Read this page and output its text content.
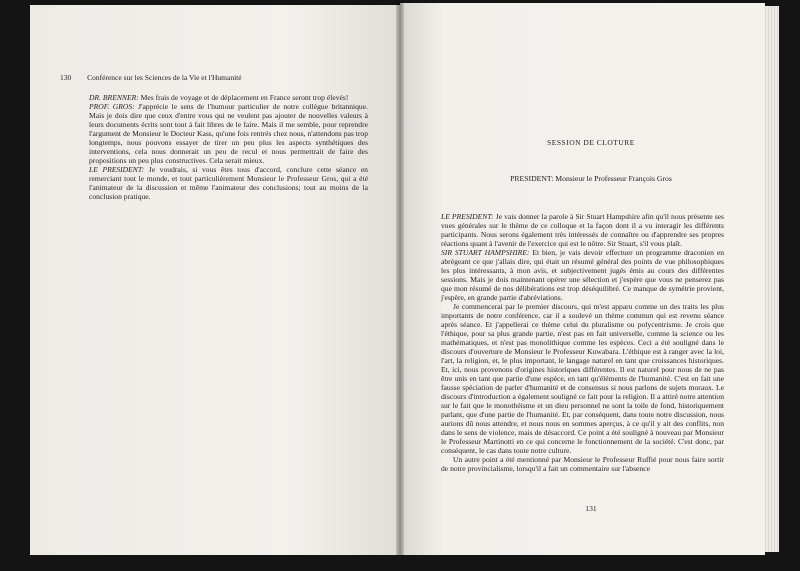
130 Conférence sur les Sciences de la Vie et l'Humanité

DR. BRENNER: Mes frais de voyage et de déplacement en France seront trop élevés!

PROF. GROS: J'apprécie le sens de l'humour particulier de notre collègue britannique. Mais je dois dire que ceux d'entre vous qui ne veulent pas ajouter de nouvelles valeurs à leurs documents écrits sont tout à fait libres de le faire. Mais il me semble, pour reprendre l'argument de Monsieur le Docteur Kass, qu'une fois rentrés chez nous, n'attendons pas trop longtemps, nous pouvons essayer de tirer un peu plus les aspects synthétiques des interventions, cela nous donnerait un peu de recul et nous permettrait de faire des propositions un peu plus constructives. Cela serait mieux.

LE PRESIDENT: Je voudrais, si vous êtes tous d'accord, conclure cette séance en remerciant tout le monde, et tout particulièrement Monsieur le Professeur Gros, qui a été l'animateur de la discussion et même l'animateur des conclusions; tout au moins de la conclusion pratique.

SESSION DE CLOTURE
PRESIDENT: Monsieur le Professeur François Gros

LE PRESIDENT: Je vais donner la parole à Sir Stuart Hampshire afin qu'il nous présente ses vues générales sur le thème de ce colloque et la façon dont il a vu interagir les différents participants. Nous serons également très intéressés de connaître ou d'apprendre ses propres réactions quant à l'avenir de l'exercice qui est le nôtre. Sir Stuart, s'il vous plaît.

SIR STUART HAMPSHIRE: Et bien, je vais devoir effectuer un programme draconien en abrégeant ce que j'allais dire, qui était un résumé général des points de vue philosophiques les plus intéressants, à mon avis, et subjectivement jugés émis au cours des différentes sessions. Mais je dois maintenant opérer une sélection et j'espère que vous ne penserez pas que mon résumé de nos délibérations est trop déséquilibré. Ce manque de symétrie provient, j'espère, en grande partie d'abréviations.

Je commencerai par le premier discours, qui m'est apparu comme un des traits les plus importants de notre conférence, car il a soulevé un thème commun qui est revenu séance après séance. Et j'appellerai ce thème celui du pluralisme ou polycentrisme. Je crois que l'éthique, pour sa plus grande partie, n'est pas en fait universelle, comme la science ou les mathématiques, et n'est pas monolithique comme les espèces. Ceci a été souligné dans le discours d'ouverture de Monsieur le Professeur Kuwabara. L'éthique est à ranger avec la loi, l'art, la religion, et, le plus important, le langage naturel en tant que croissances historiques. Et, ici, nous provenons d'origines historiques différentes. Il est naturel pour nous de ne pas être unis en tant que partie d'une espèce, en tant qu'éléments de l'humanité. C'est en fait une fausse spéciation de parler d'humanité et de consensus si nous parlons de sujets moraux. Le discours d'introduction a également souligné ce fait pour la religion. Il a attiré notre attention sur le fait que le monothéisme et un dieu personnel ne sont la toile de fond, historiquement parlant, que d'une partie de l'humanité. Et, par conséquent, dans toute notre discussion, nous aurions dû nous attendre, et nous nous en sommes aperçus, à ce qu'il y ait des conflits, non dans le sens de violence, mais de désaccord. Ce point a été souligné à nouveau par Monsieur le Professeur Martinotti en ce qui concerne le fonctionnement de la société. C'est donc, par conséquent, le cas dans toute notre culture.

Un autre point a été mentionné par Monsieur le Professeur Ruffié pour nous faire sortir de notre provincialisme, lorsqu'il a fait un commentaire sur l'absence

131
